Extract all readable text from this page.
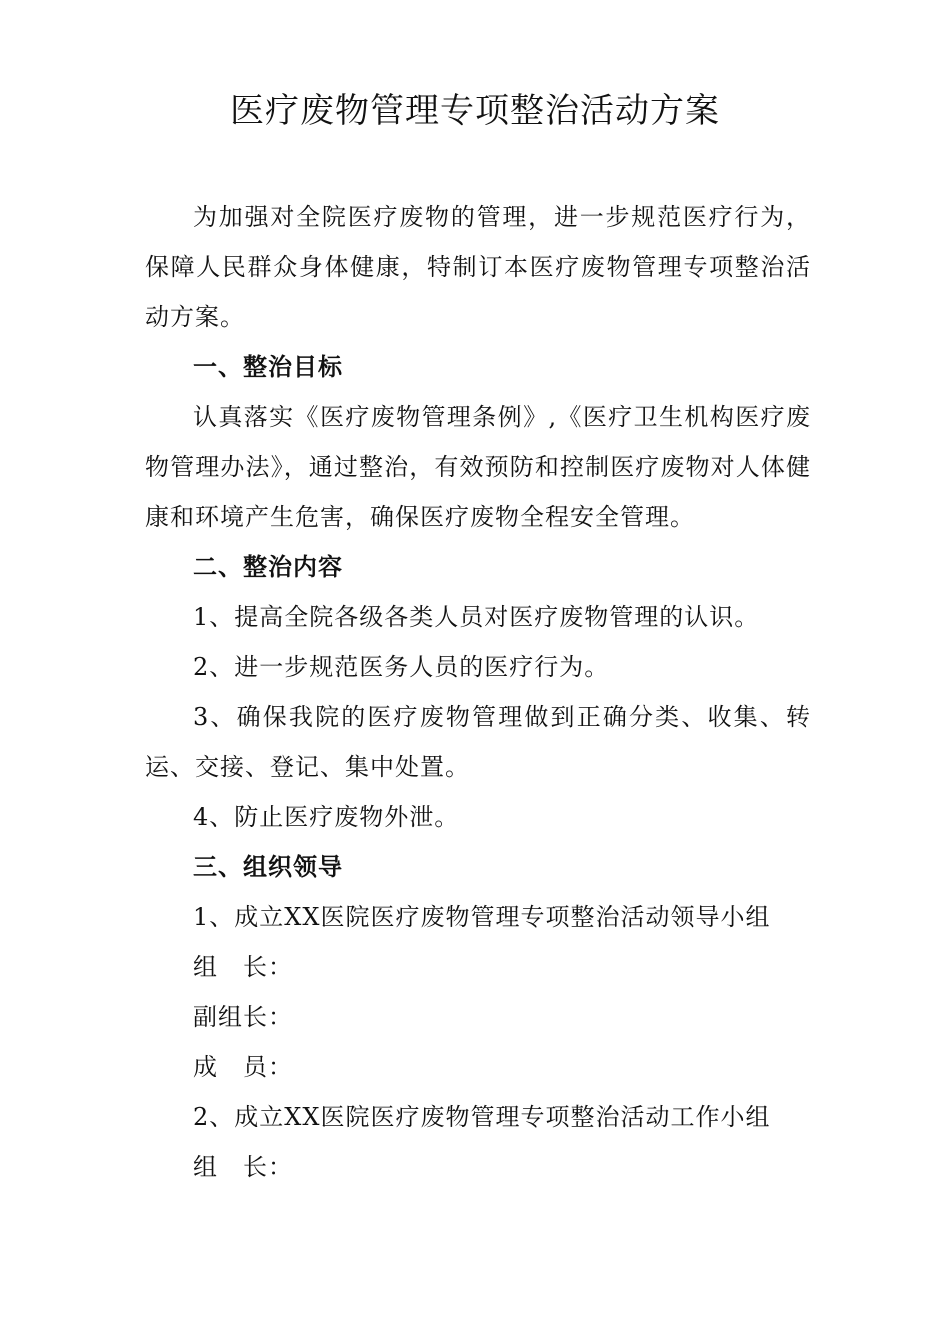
医疗废物管理专项整治活动方案

为加强对全院医疗废物的管理，进一步规范医疗行为，保障人民群众身体健康，特制订本医疗废物管理专项整治活动方案。

一、整治目标

认真落实《医疗废物管理条例》,《医疗卫生机构医疗废物管理办法》，通过整治，有效预防和控制医疗废物对人体健康和环境产生危害，确保医疗废物全程安全管理。

二、整治内容

1、提高全院各级各类人员对医疗废物管理的认识。

2、进一步规范医务人员的医疗行为。

3、确保我院的医疗废物管理做到正确分类、收集、转运、交接、登记、集中处置。

4、防止医疗废物外泄。

三、组织领导

1、成立XX医院医疗废物管理专项整治活动领导小组

组　长：

副组长：

成　员：

2、成立XX医院医疗废物管理专项整治活动工作小组

组　长：
